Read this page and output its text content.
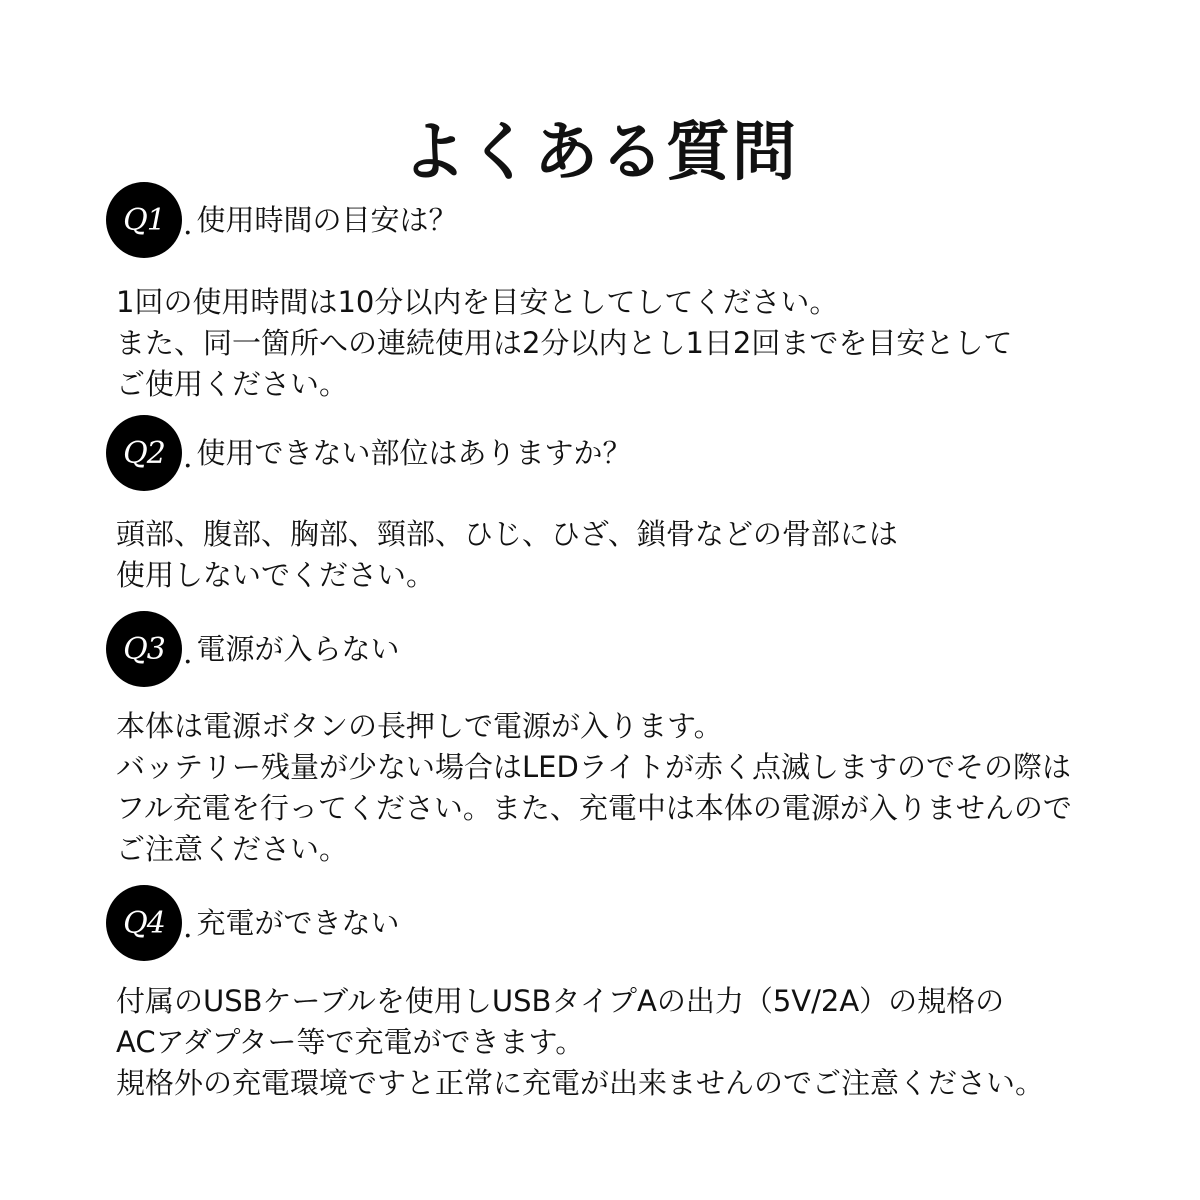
よくある質問
Q1 . 使用時間の目安は？
1回の使用時間は10分以内を目安としてしてください。
また、同一箇所への連続使用は2分以内とし1日2回までを目安として
ご使用ください。
Q2 . 使用できない部位はありますか？
頭部、腹部、胸部、頸部、ひじ、ひざ、鎖骨などの骨部には
使用しないでください。
Q3 . 電源が入らない
本体は電源ボタンの長押しで電源が入ります。
バッテリー残量が少ない場合はLEDライトが赤く点滅しますのでその際は
フル充電を行ってください。また、充電中は本体の電源が入りませんので
ご注意ください。
Q4 . 充電ができない
付属のUSBケーブルを使用しUSBタイプAの出力（5V/2A）の規格の
ACアダプター等で充電ができます。
規格外の充電環境ですと正常に充電が出来ませんのでご注意ください。
